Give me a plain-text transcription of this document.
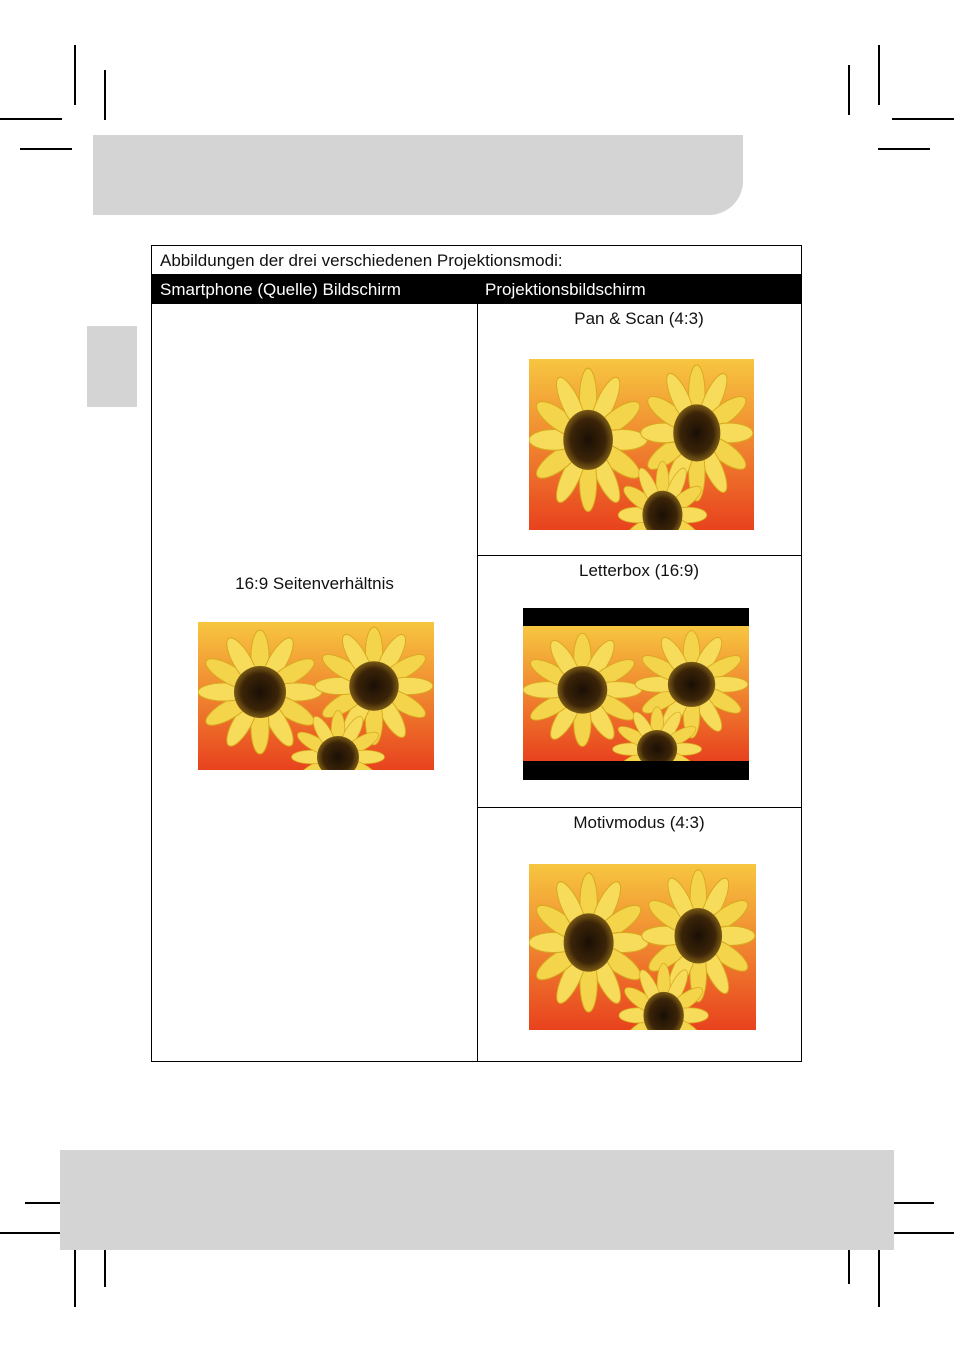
Abbildungen der drei verschiedenen Projektionsmodi:
Smartphone (Quelle) Bildschirm	Projektionsbildschirm
16:9 Seitenverhältnis
Pan & Scan (4:3)
Letterbox (16:9)
Motivmodus (4:3)
